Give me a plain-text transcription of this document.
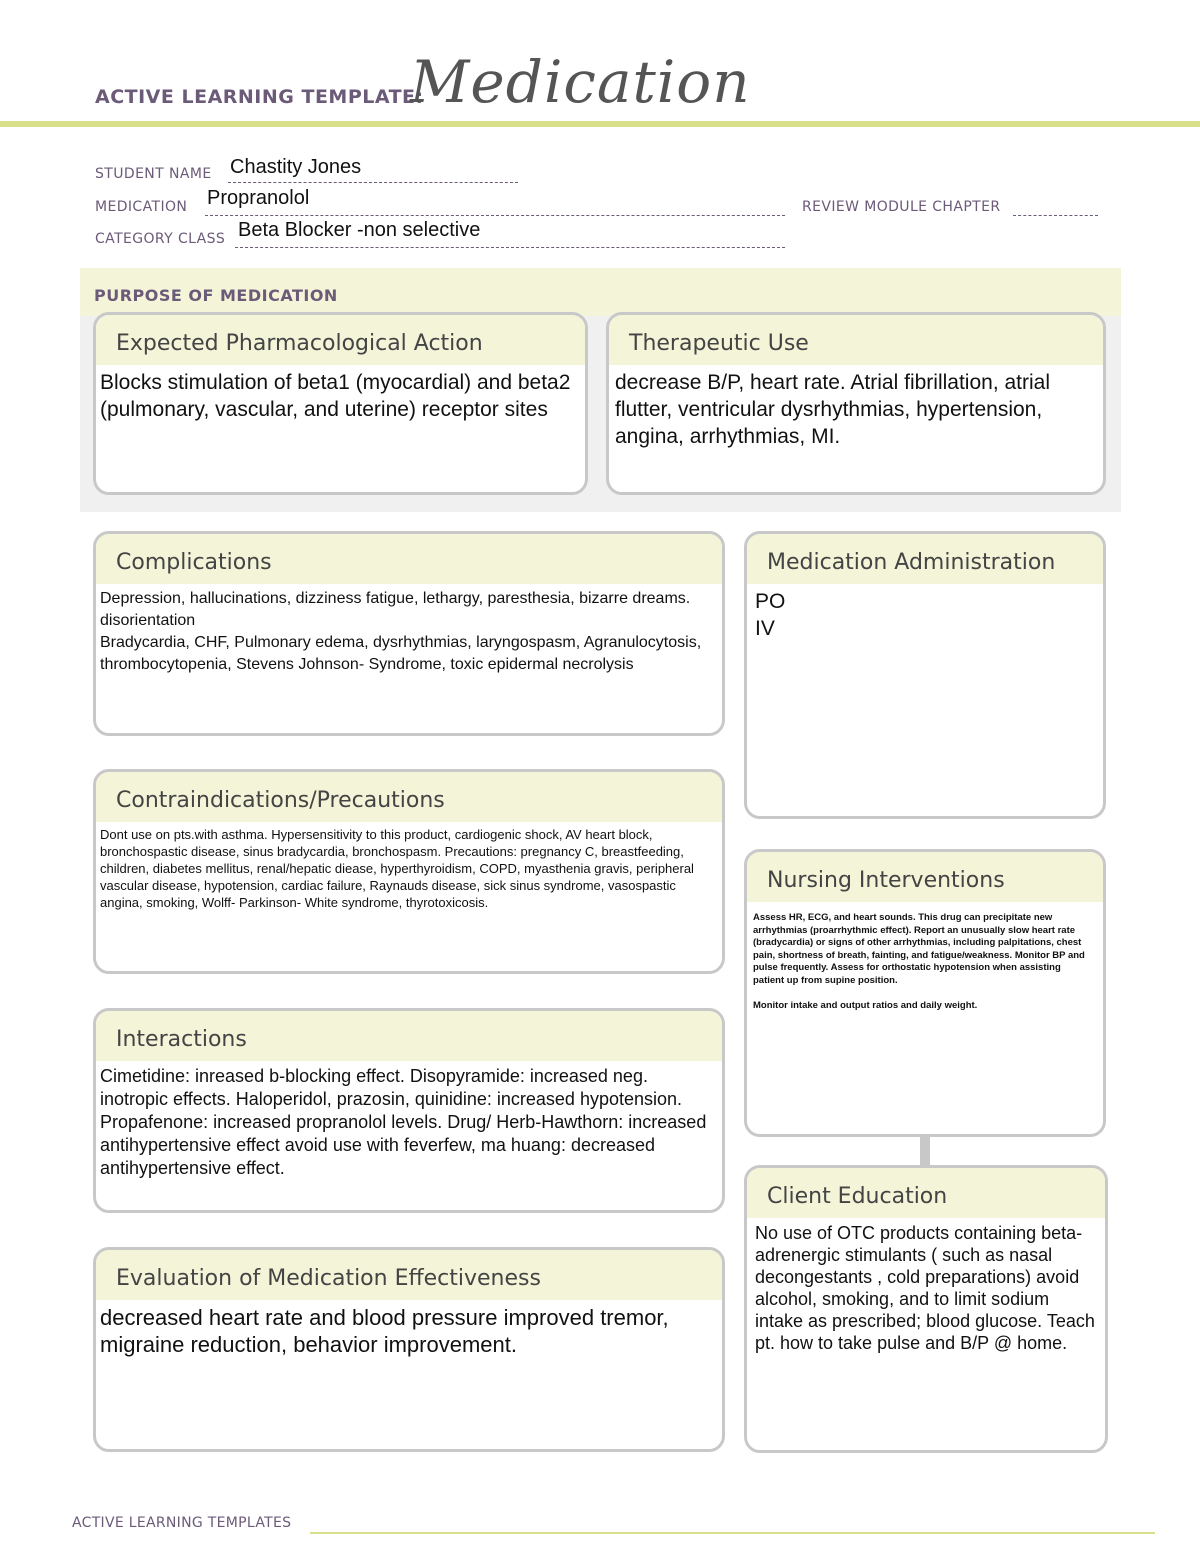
ACTIVE LEARNING TEMPLATE:
Medication
STUDENT NAME Chastity Jones
MEDICATION Propranolol	REVIEW MODULE CHAPTER
CATEGORY CLASS Beta Blocker -non selective
PURPOSE OF MEDICATION
Expected Pharmacological Action
Blocks stimulation of beta1 (myocardial) and beta2 (pulmonary, vascular, and uterine) receptor sites
Therapeutic Use
decrease B/P, heart rate. Atrial fibrillation, atrial flutter, ventricular dysrhythmias, hypertension, angina, arrhythmias, MI.
Complications
Depression, hallucinations, dizziness fatigue, lethargy, paresthesia, bizarre dreams. disorientation
Bradycardia, CHF, Pulmonary edema, dysrhythmias, laryngospasm, Agranulocytosis, thrombocytopenia, Stevens Johnson- Syndrome, toxic epidermal necrolysis
Contraindications/Precautions
Dont use on pts.with asthma. Hypersensitivity to this product, cardiogenic shock, AV heart block, bronchospastic disease, sinus bradycardia, bronchospasm. Precautions: pregnancy C, breastfeeding, children, diabetes mellitus, renal/hepatic diease, hyperthyroidism, COPD, myasthenia gravis, peripheral vascular disease, hypotension, cardiac failure, Raynauds disease, sick sinus syndrome, vasospastic angina, smoking, Wolff- Parkinson- White syndrome, thyrotoxicosis.
Interactions
Cimetidine: inreased b-blocking effect. Disopyramide: increased neg. inotropic effects. Haloperidol, prazosin, quinidine: increased hypotension. Propafenone: increased propranolol levels. Drug/ Herb-Hawthorn: increased antihypertensive effect avoid use with feverfew, ma huang: decreased antihypertensive effect.
Evaluation of Medication Effectiveness
decreased heart rate and blood pressure improved tremor, migraine reduction, behavior improvement.
Medication Administration
PO
IV
Nursing Interventions
Assess HR, ECG, and heart sounds. This drug can precipitate new arrhythmias (proarrhythmic effect). Report an unusually slow heart rate (bradycardia) or signs of other arrhythmias, including palpitations, chest pain, shortness of breath, fainting, and fatigue/weakness. Monitor BP and pulse frequently. Assess for orthostatic hypotension when assisting patient up from supine position.

Monitor intake and output ratios and daily weight.
Client Education
No use of OTC products containing beta- adrenergic stimulants ( such as nasal decongestants , cold preparations) avoid alcohol, smoking, and to limit sodium intake as prescribed; blood glucose. Teach pt. how to take pulse and B/P @ home.
ACTIVE LEARNING TEMPLATES
